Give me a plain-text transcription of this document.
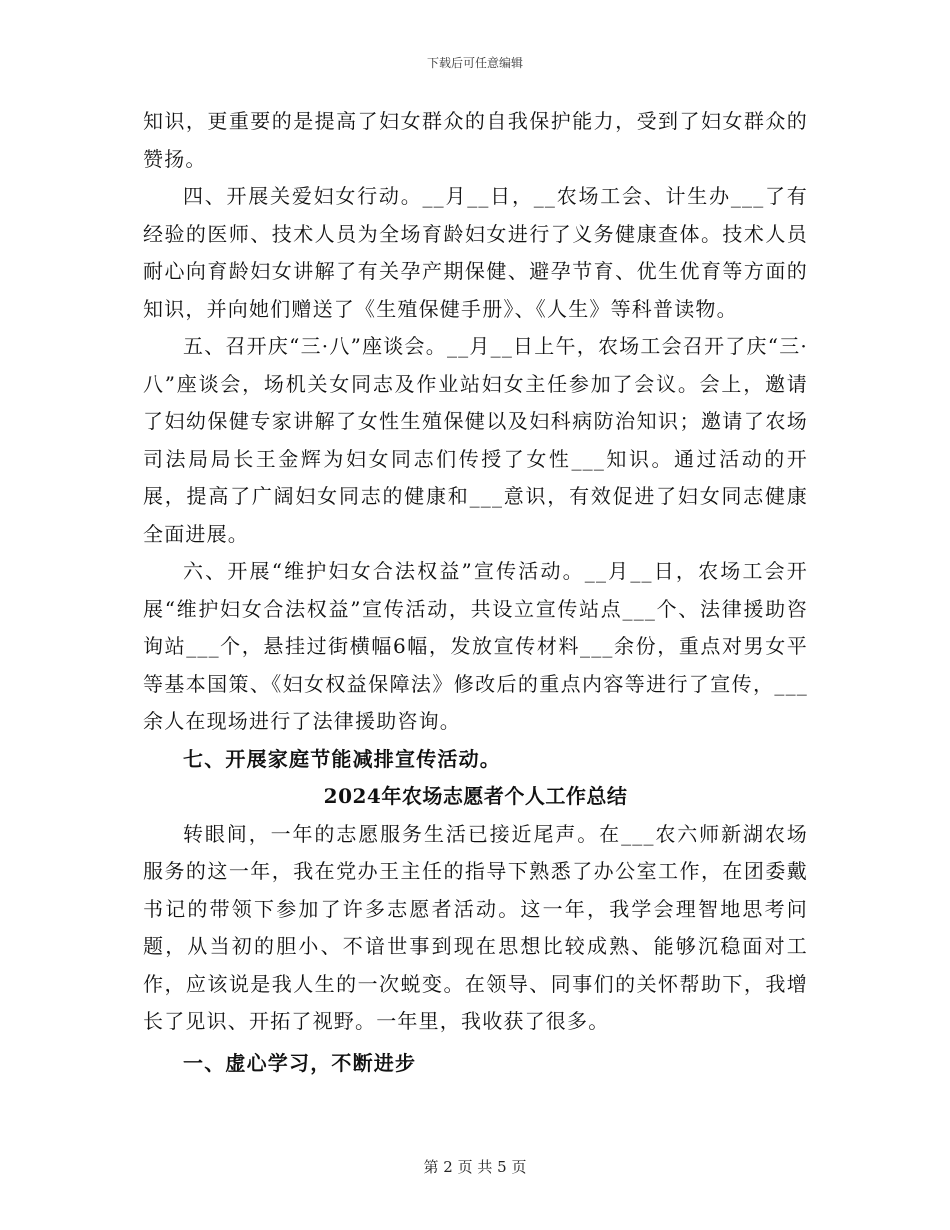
下载后可任意编辑

知识，更重要的是提高了妇女群众的自我保护能力，受到了妇女群众的赞扬。

四、开展关爱妇女行动。__月__日，__农场工会、计生办___了有经验的医师、技术人员为全场育龄妇女进行了义务健康查体。技术人员耐心向育龄妇女讲解了有关孕产期保健、避孕节育、优生优育等方面的知识，并向她们赠送了《生殖保健手册》、《人生》等科普读物。

五、召开庆“三·八”座谈会。__月__日上午，农场工会召开了庆“三·八”座谈会，场机关女同志及作业站妇女主任参加了会议。会上，邀请了妇幼保健专家讲解了女性生殖保健以及妇科病防治知识；邀请了农场司法局局长王金辉为妇女同志们传授了女性___知识。通过活动的开展，提高了广阔妇女同志的健康和___意识，有效促进了妇女同志健康全面进展。

六、开展“维护妇女合法权益”宣传活动。__月__日，农场工会开展“维护妇女合法权益”宣传活动，共设立宣传站点___个、法律援助咨询站___个，悬挂过街横幅6幅，发放宣传材料___余份，重点对男女平等基本国策、《妇女权益保障法》修改后的重点内容等进行了宣传，___余人在现场进行了法律援助咨询。

七、开展家庭节能减排宣传活动。

2024年农场志愿者个人工作总结

转眼间，一年的志愿服务生活已接近尾声。在___农六师新湖农场服务的这一年，我在党办王主任的指导下熟悉了办公室工作，在团委戴书记的带领下参加了许多志愿者活动。这一年，我学会理智地思考问题，从当初的胆小、不谙世事到现在思想比较成熟、能够沉稳面对工作，应该说是我人生的一次蜕变。在领导、同事们的关怀帮助下，我增长了见识、开拓了视野。一年里，我收获了很多。

一、虚心学习，不断进步

第 2 页 共 5 页
